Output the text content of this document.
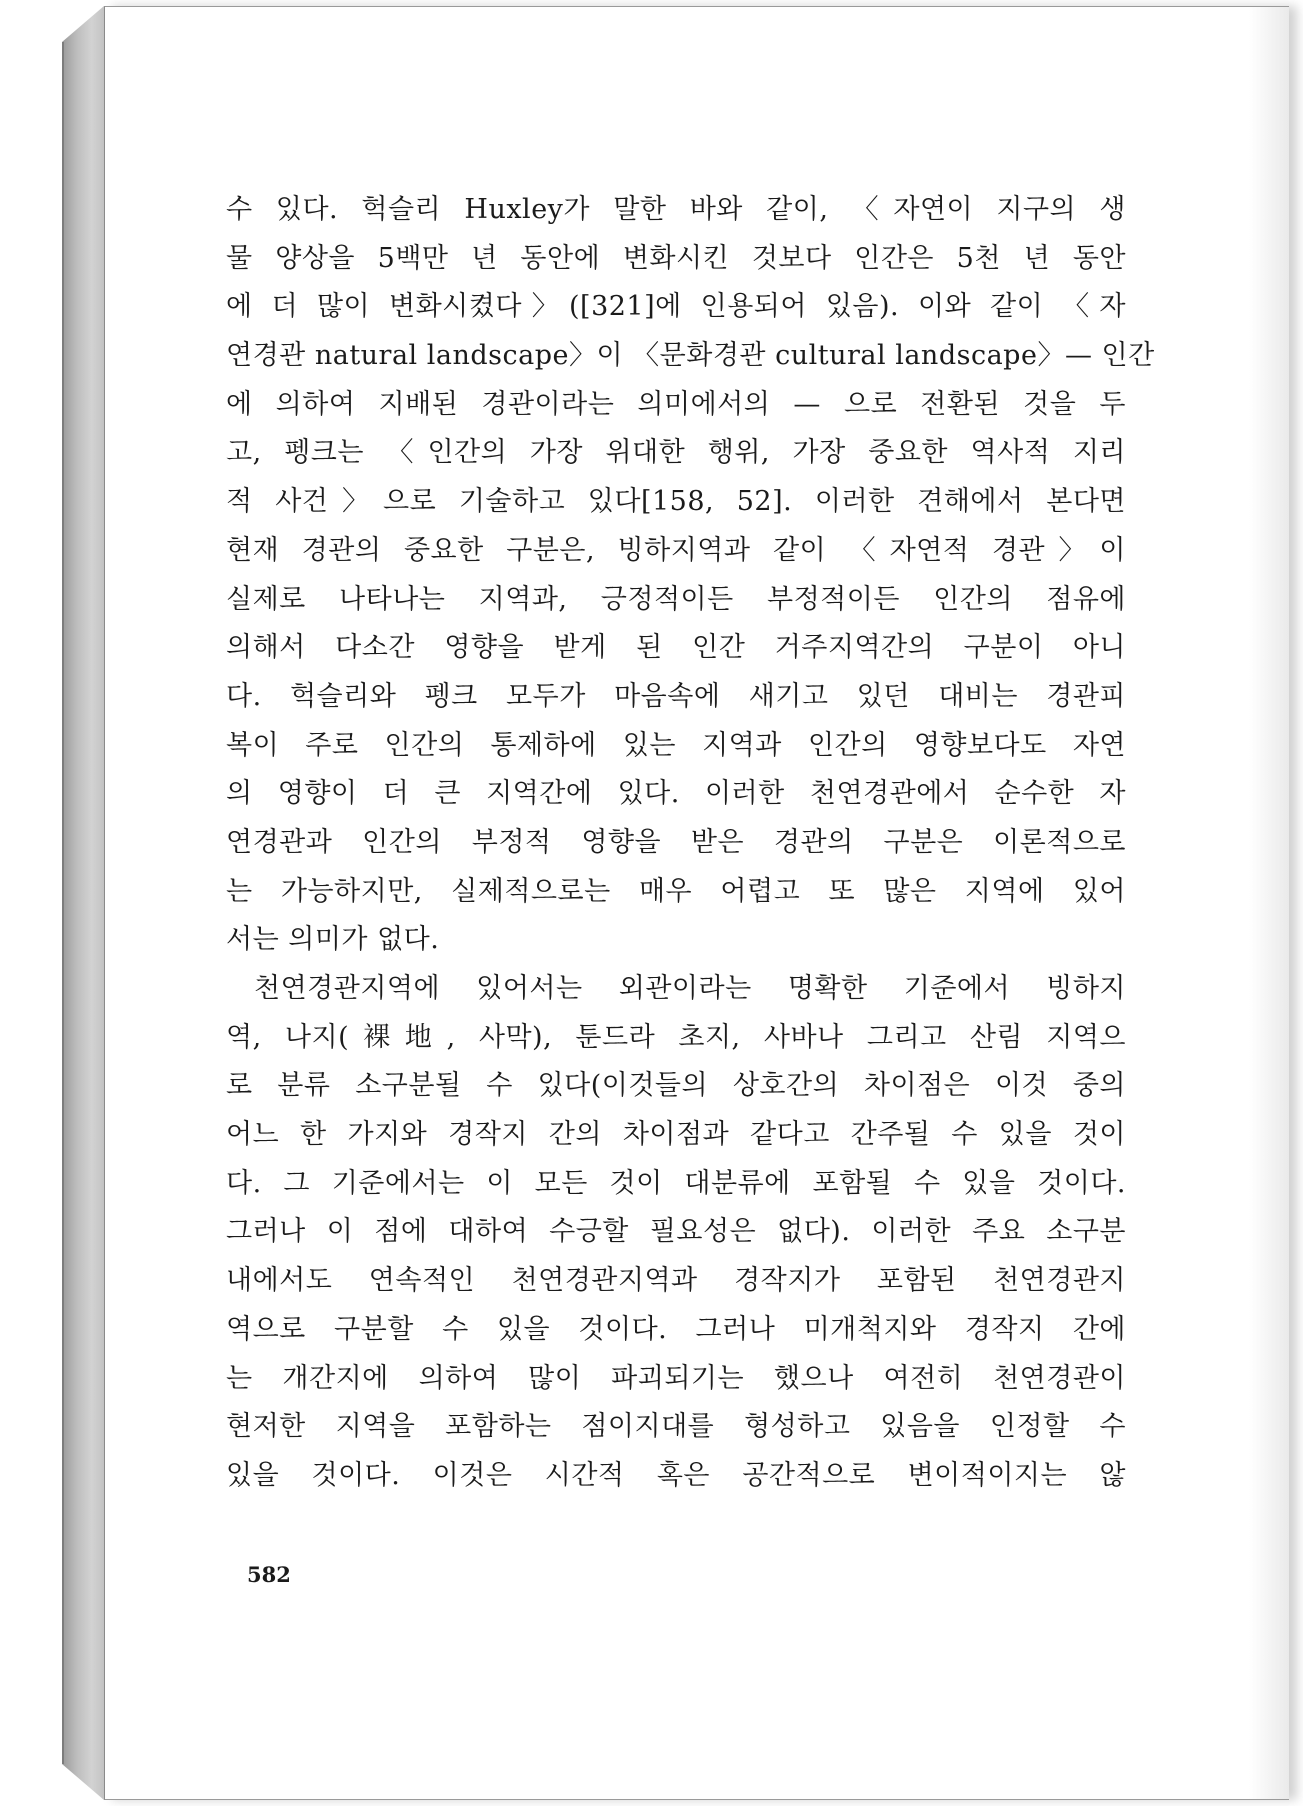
수 있다. 헉슬리 Huxley가 말한 바와 같이, 〈자연이 지구의 생
물 양상을 5백만 년 동안에 변화시킨 것보다 인간은 5천 년 동안
에 더 많이 변화시켰다〉([321]에 인용되어 있음). 이와 같이 〈자
연경관 natural landscape〉이 〈문화경관 cultural landscape〉— 인간
에 의하여 지배된 경관이라는 의미에서의 — 으로 전환된 것을 두
고, 펭크는 〈인간의 가장 위대한 행위, 가장 중요한 역사적 지리
적 사건〉으로 기술하고 있다[158, 52]. 이러한 견해에서 본다면
현재 경관의 중요한 구분은, 빙하지역과 같이 〈자연적 경관〉이
실제로 나타나는 지역과, 긍정적이든 부정적이든 인간의 점유에
의해서 다소간 영향을 받게 된 인간 거주지역간의 구분이 아니
다. 헉슬리와 펭크 모두가 마음속에 새기고 있던 대비는 경관피
복이 주로 인간의 통제하에 있는 지역과 인간의 영향보다도 자연
의 영향이 더 큰 지역간에 있다. 이러한 천연경관에서 순수한 자
연경관과 인간의 부정적 영향을 받은 경관의 구분은 이론적으로
는 가능하지만, 실제적으로는 매우 어렵고 또 많은 지역에 있어
서는 의미가 없다.
천연경관지역에 있어서는 외관이라는 명확한 기준에서 빙하지
역, 나지(裸地, 사막), 툰드라 초지, 사바나 그리고 산림 지역으
로 분류 소구분될 수 있다(이것들의 상호간의 차이점은 이것 중의
어느 한 가지와 경작지 간의 차이점과 같다고 간주될 수 있을 것이
다. 그 기준에서는 이 모든 것이 대분류에 포함될 수 있을 것이다.
그러나 이 점에 대하여 수긍할 필요성은 없다). 이러한 주요 소구분
내에서도 연속적인 천연경관지역과 경작지가 포함된 천연경관지
역으로 구분할 수 있을 것이다. 그러나 미개척지와 경작지 간에
는 개간지에 의하여 많이 파괴되기는 했으나 여전히 천연경관이
현저한 지역을 포함하는 점이지대를 형성하고 있음을 인정할 수
있을 것이다. 이것은 시간적 혹은 공간적으로 변이적이지는 않
582
